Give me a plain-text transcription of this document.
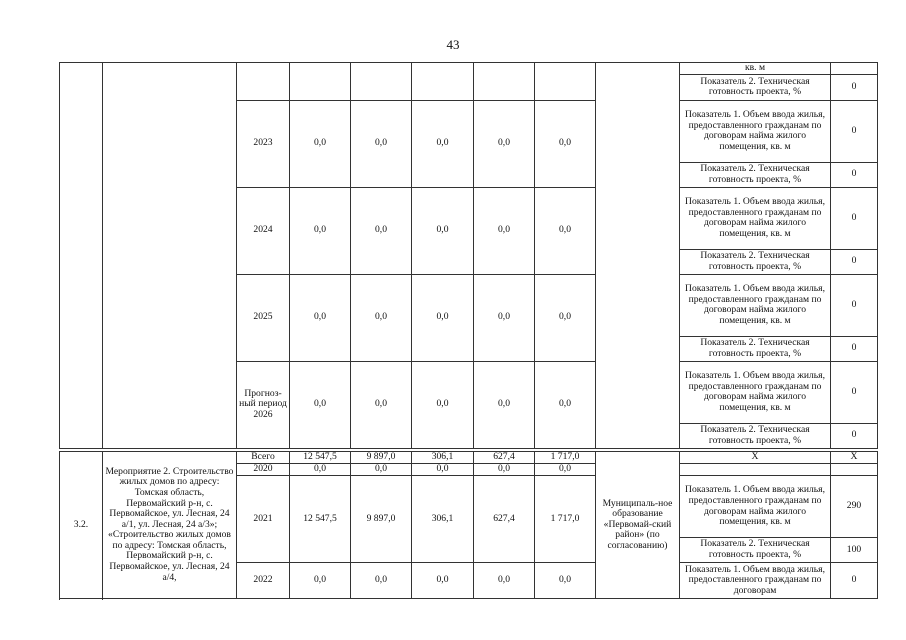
43
									кв. м	
									Показатель 2. Техническая готовность проекта, %	0
		2023	0,0	0,0	0,0	0,0	0,0		Показатель 1. Объем ввода жилья, предоставленного гражданам по договорам найма жилого помещения, кв. м	0
									Показатель 2. Техническая готовность проекта, %	0
		2024	0,0	0,0	0,0	0,0	0,0		Показатель 1. Объем ввода жилья, предоставленного гражданам по договорам найма жилого помещения, кв. м	0
									Показатель 2. Техническая готовность проекта, %	0
		2025	0,0	0,0	0,0	0,0	0,0		Показатель 1. Объем ввода жилья, предоставленного гражданам по договорам найма жилого помещения, кв. м	0
									Показатель 2. Техническая готовность проекта, %	0
		Прогноз-ный период 2026	0,0	0,0	0,0	0,0	0,0		Показатель 1. Объем ввода жилья, предоставленного гражданам по договорам найма жилого помещения, кв. м	0
									Показатель 2. Техническая готовность проекта, %	0
3.2.	Мероприятие 2. Строительство жилых домов по адресу: Томская область, Первомайский р-н, с. Первомайское, ул. Лесная, 24 а/1, ул. Лесная, 24 а/3»; «Строительство жилых домов по адресу: Томская область, Первомайский р-н, с. Первомайское, ул. Лесная, 24 а/4,	Всего	12 547,5	9 897,0	306,1	627,4	1 717,0	Муниципаль-ное образование «Первомай-ский район» (по согласованию)	Х	Х
		2020	0,0	0,0	0,0	0,0	0,0			
		2021	12 547,5	9 897,0	306,1	627,4	1 717,0		Показатель 1. Объем ввода жилья, предоставленного гражданам по договорам найма жилого помещения, кв. м	290
									Показатель 2. Техническая готовность проекта, %	100
		2022	0,0	0,0	0,0	0,0	0,0		Показатель 1. Объем ввода жилья, предоставленного гражданам по договорам	0
